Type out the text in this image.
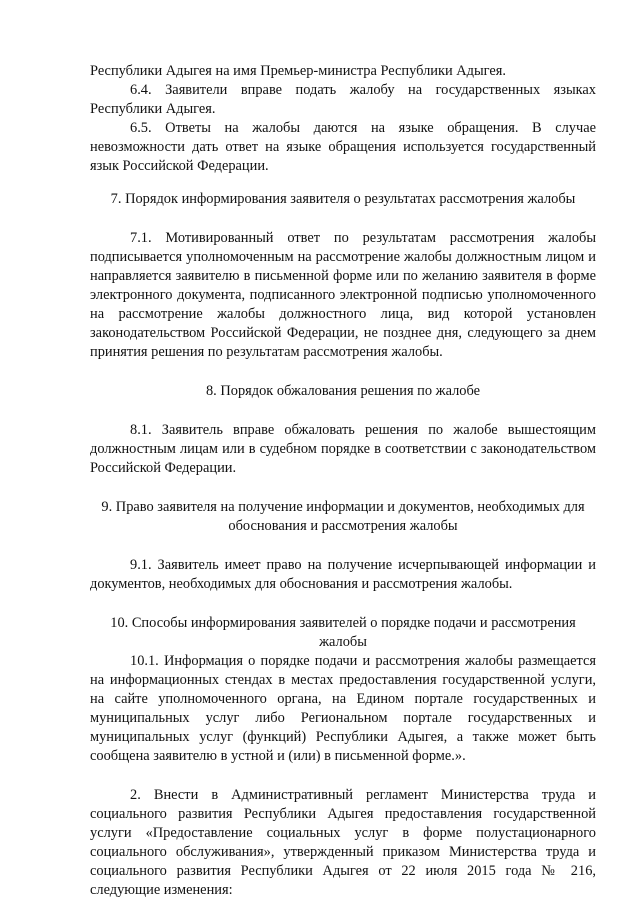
Республики Адыгея на имя Премьер-министра Республики Адыгея.

6.4. Заявители вправе подать жалобу на государственных языках Республики Адыгея.

6.5. Ответы на жалобы даются на языке обращения. В случае невозможности дать ответ на языке обращения используется государственный язык Российской Федерации.

7. Порядок информирования заявителя о результатах рассмотрения жалобы

7.1. Мотивированный ответ по результатам рассмотрения жалобы подписывается уполномоченным на рассмотрение жалобы должностным лицом и направляется заявителю в письменной форме или по желанию заявителя в форме электронного документа, подписанного электронной подписью уполномоченного на рассмотрение жалобы должностного лица, вид которой установлен законодательством Российской Федерации, не позднее дня, следующего за днем принятия решения по результатам рассмотрения жалобы.

8. Порядок обжалования решения по жалобе

8.1. Заявитель вправе обжаловать решения по жалобе вышестоящим должностным лицам или в судебном порядке в соответствии с законодательством Российской Федерации.

9. Право заявителя на получение информации и документов, необходимых для обоснования и рассмотрения жалобы

9.1. Заявитель имеет право на получение исчерпывающей информации и документов, необходимых для обоснования и рассмотрения жалобы.

10. Способы информирования заявителей о порядке подачи и рассмотрения жалобы

10.1. Информация о порядке подачи и рассмотрения жалобы размещается на информационных стендах в местах предоставления государственной услуги, на сайте уполномоченного органа, на Едином портале государственных и муниципальных услуг либо Региональном портале государственных и муниципальных услуг (функций) Республики Адыгея, а также может быть сообщена заявителю в устной и (или) в письменной форме.».

2. Внести в Административный регламент Министерства труда и социального развития Республики Адыгея предоставления государственной услуги «Предоставление социальных услуг в форме полустационарного социального обслуживания», утвержденный приказом Министерства труда и социального развития Республики Адыгея от 22 июля 2015 года № 216, следующие изменения:
